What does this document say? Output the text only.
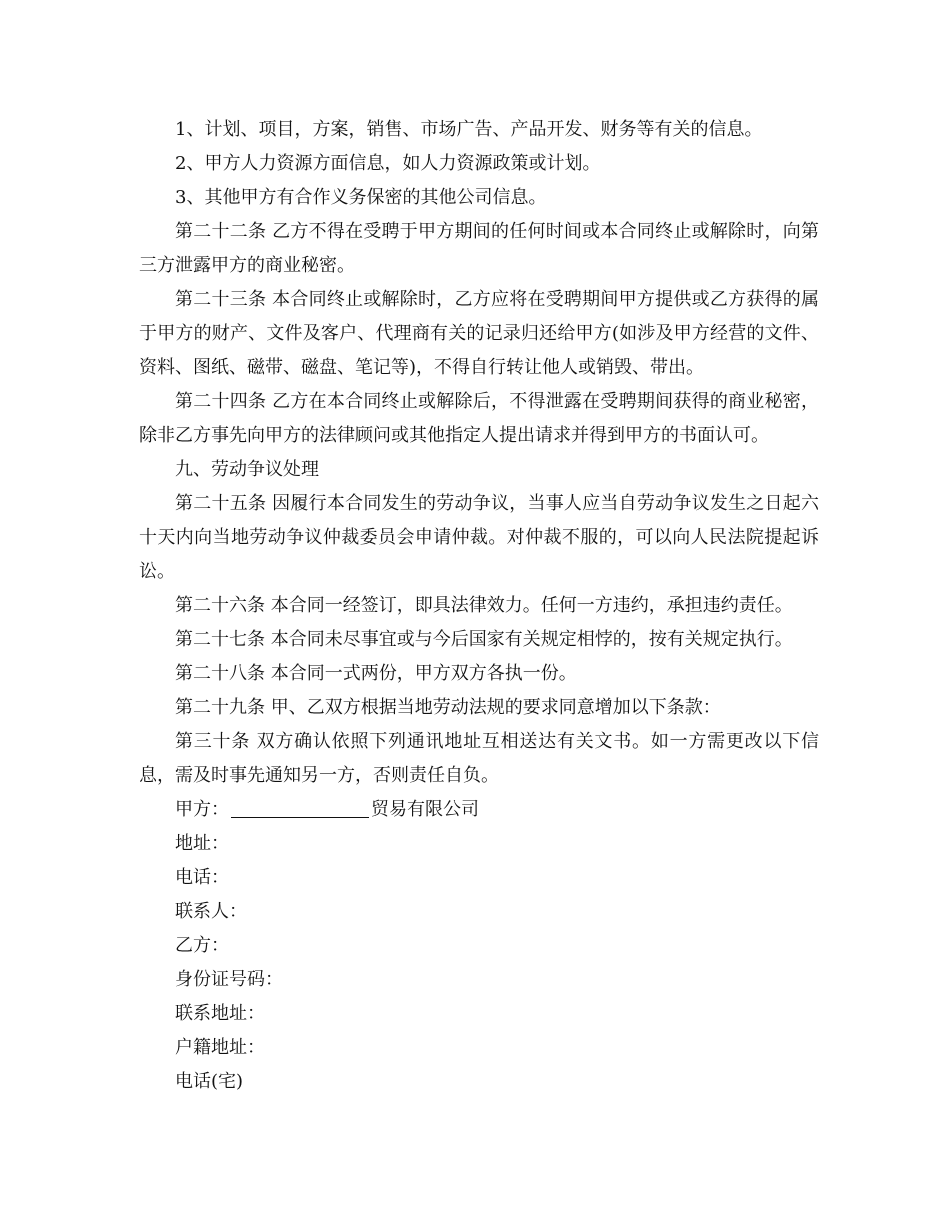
1、计划、项目，方案，销售、市场广告、产品开发、财务等有关的信息。

2、甲方人力资源方面信息，如人力资源政策或计划。

3、其他甲方有合作义务保密的其他公司信息。

第二十二条 乙方不得在受聘于甲方期间的任何时间或本合同终止或解除时，向第三方泄露甲方的商业秘密。

第二十三条 本合同终止或解除时，乙方应将在受聘期间甲方提供或乙方获得的属于甲方的财产、文件及客户、代理商有关的记录归还给甲方(如涉及甲方经营的文件、资料、图纸、磁带、磁盘、笔记等)，不得自行转让他人或销毁、带出。

第二十四条 乙方在本合同终止或解除后，不得泄露在受聘期间获得的商业秘密，除非乙方事先向甲方的法律顾问或其他指定人提出请求并得到甲方的书面认可。

九、劳动争议处理

第二十五条 因履行本合同发生的劳动争议，当事人应当自劳动争议发生之日起六十天内向当地劳动争议仲裁委员会申请仲裁。对仲裁不服的，可以向人民法院提起诉讼。

第二十六条 本合同一经签订，即具法律效力。任何一方违约，承担违约责任。

第二十七条 本合同未尽事宜或与今后国家有关规定相悖的，按有关规定执行。

第二十八条 本合同一式两份，甲方双方各执一份。

第二十九条 甲、乙双方根据当地劳动法规的要求同意增加以下条款：

第三十条 双方确认依照下列通讯地址互相送达有关文书。如一方需更改以下信息，需及时事先通知另一方，否则责任自负。

甲方：	贸易有限公司

地址：

电话：

联系人：

乙方：

身份证号码：

联系地址：

户籍地址：

电话(宅)
